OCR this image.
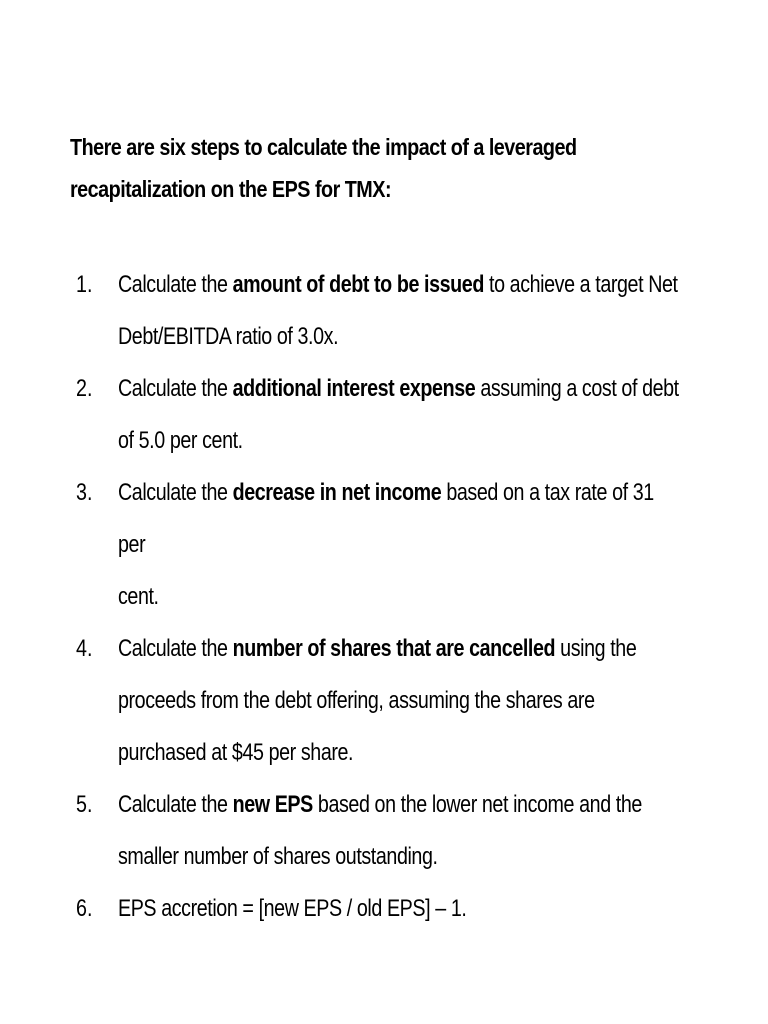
There are six steps to calculate the impact of a leveraged
recapitalization on the EPS for TMX:
1. Calculate the amount of debt to be issued to achieve a target Net
Debt/EBITDA ratio of 3.0x.
2. Calculate the additional interest expense assuming a cost of debt
of 5.0 per cent.
3. Calculate the decrease in net income based on a tax rate of 31 per
cent.
4. Calculate the number of shares that are cancelled using the
proceeds from the debt offering, assuming the shares are
purchased at $45 per share.
5. Calculate the new EPS based on the lower net income and the
smaller number of shares outstanding.
6. EPS accretion = [new EPS / old EPS] – 1.
